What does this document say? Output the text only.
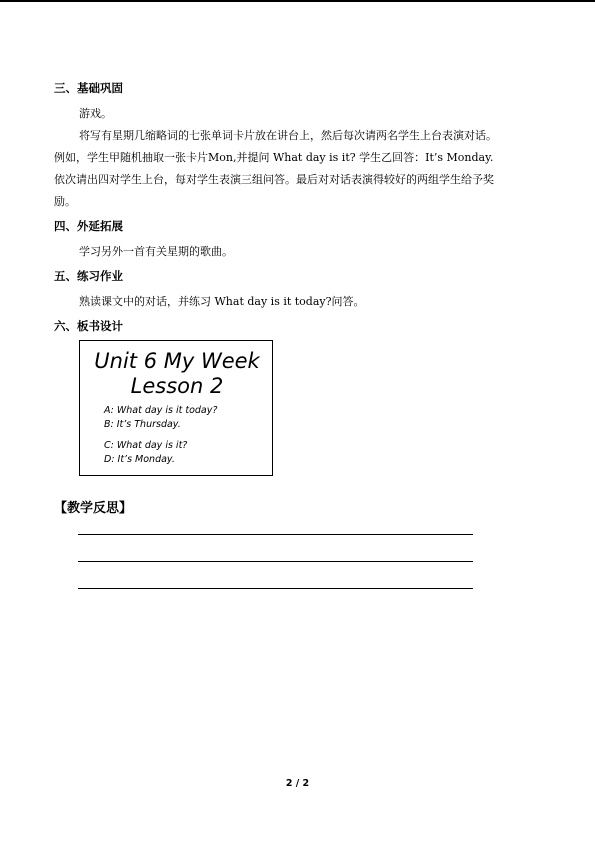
三、基础巩固
游戏。
将写有星期几缩略词的七张单词卡片放在讲台上，然后每次请两名学生上台表演对话。
例如，学生甲随机抽取一张卡片Mon,并提问 What day is it? 学生乙回答：It’s Monday.
依次请出四对学生上台，每对学生表演三组问答。最后对对话表演得较好的两组学生给予奖
励。
四、外延拓展
学习另外一首有关星期的歌曲。
五、练习作业
熟读课文中的对话，并练习 What day is it today?问答。
六、板书设计
Unit 6 My Week
Lesson 2
A: What day is it today?
B: It’s Thursday.
C: What day is it?
D: It’s Monday.
【教学反思】
2 / 2
